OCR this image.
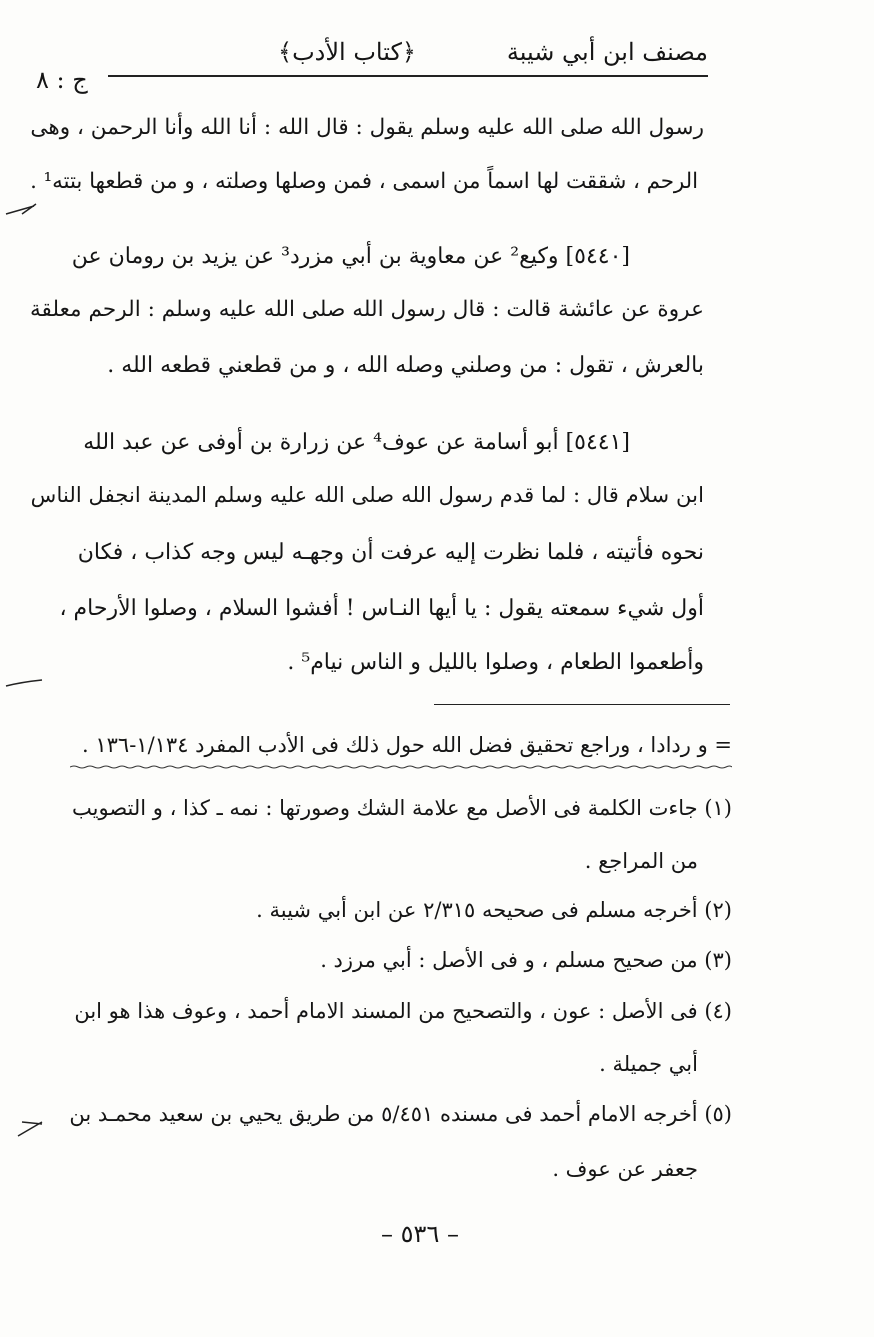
مصنف ابن أبي شيبة
﴿كتاب الأدب﴾
ج : ٨
رسول الله صلى الله عليه وسلم يقول : قال الله : أنا الله وأنا الرحمن ، وهى
الرحم ، شققت لها اسماً من اسمى ، فمن وصلها وصلته ، و من قطعها بتته¹ .
[٥٤٤٠] وكيع² عن معاوية بن أبي مزرد³ عن يزيد بن رومان عن
عروة عن عائشة قالت : قال رسول الله صلى الله عليه وسلم : الرحم معلقة
بالعرش ، تقول : من وصلني وصله الله ، و من قطعني قطعه الله .
[٥٤٤١] أبو أسامة عن عوف⁴ عن زرارة بن أوفى عن عبد الله
ابن سلام قال : لما قدم رسول الله صلى الله عليه وسلم المدينة انجفل الناس
نحوه فأتيته ، فلما نظرت إليه عرفت أن وجهـه ليس وجه كذاب ، فكان
أول شيء سمعته يقول : يا أيها النـاس ! أفشوا السلام ، وصلوا الأرحام ،
وأطعموا الطعام ، وصلوا بالليل و الناس نيام⁵ .
= و ردادا ، وراجع تحقيق فضل الله حول ذلك فى الأدب المفرد ١/١٣٤-١٣٦ .
(١) جاءت الكلمة فى الأصل مع علامة الشك وصورتها : نمه ـ كذا ، و التصويب
من المراجع .
(٢) أخرجه مسلم فى صحيحه ٢/٣١٥ عن ابن أبي شيبة .
(٣) من صحيح مسلم ، و فى الأصل : أبي مرزد .
(٤) فى الأصل : عون ، والتصحيح من المسند الامام أحمد ، وعوف هذا هو ابن
أبي جميلة .
(٥) أخرجه الامام أحمد فى مسنده ٥/٤٥١ من طريق يحيي بن سعيد محمـد بن
جعفر عن عوف .
– ٥٣٦ –
